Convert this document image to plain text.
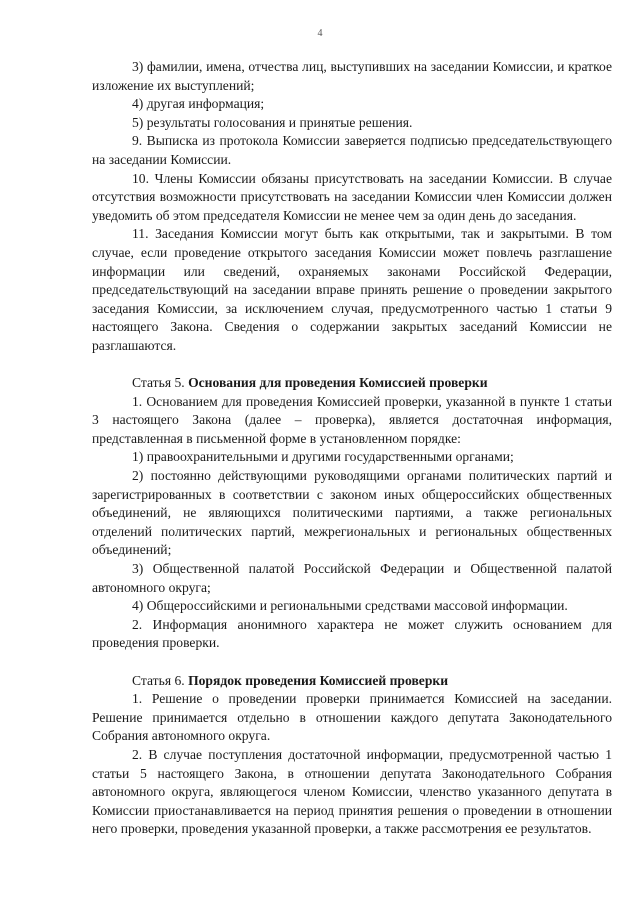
4

3) фамилии, имена, отчества лиц, выступивших на заседании Комиссии, и краткое изложение их выступлений;

4) другая информация;

5) результаты голосования и принятые решения.

9. Выписка из протокола Комиссии заверяется подписью председательствующего на заседании Комиссии.

10. Члены Комиссии обязаны присутствовать на заседании Комиссии. В случае отсутствия возможности присутствовать на заседании Комиссии член Комиссии должен уведомить об этом председателя Комиссии не менее чем за один день до заседания.

11. Заседания Комиссии могут быть как открытыми, так и закрытыми. В том случае, если проведение открытого заседания Комиссии может повлечь разглашение информации или сведений, охраняемых законами Российской Федерации, председательствующий на заседании вправе принять решение о проведении закрытого заседания Комиссии, за исключением случая, предусмотренного частью 1 статьи 9 настоящего Закона. Сведения о содержании закрытых заседаний Комиссии не разглашаются.

Статья 5. Основания для проведения Комиссией проверки

1. Основанием для проведения Комиссией проверки, указанной в пункте 1 статьи 3 настоящего Закона (далее – проверка), является достаточная информация, представленная в письменной форме в установленном порядке:

1) правоохранительными и другими государственными органами;

2) постоянно действующими руководящими органами политических партий и зарегистрированных в соответствии с законом иных общероссийских общественных объединений, не являющихся политическими партиями, а также региональных отделений политических партий, межрегиональных и региональных общественных объединений;

3) Общественной палатой Российской Федерации и Общественной палатой автономного округа;

4) Общероссийскими и региональными средствами массовой информации.

2. Информация анонимного характера не может служить основанием для проведения проверки.

Статья 6. Порядок проведения Комиссией проверки

1. Решение о проведении проверки принимается Комиссией на заседании. Решение принимается отдельно в отношении каждого депутата Законодательного Собрания автономного округа.

2. В случае поступления достаточной информации, предусмотренной частью 1 статьи 5 настоящего Закона, в отношении депутата Законодательного Собрания автономного округа, являющегося членом Комиссии, членство указанного депутата в Комиссии приостанавливается на период принятия решения о проведении в отношении него проверки, проведения указанной проверки, а также рассмотрения ее результатов.
